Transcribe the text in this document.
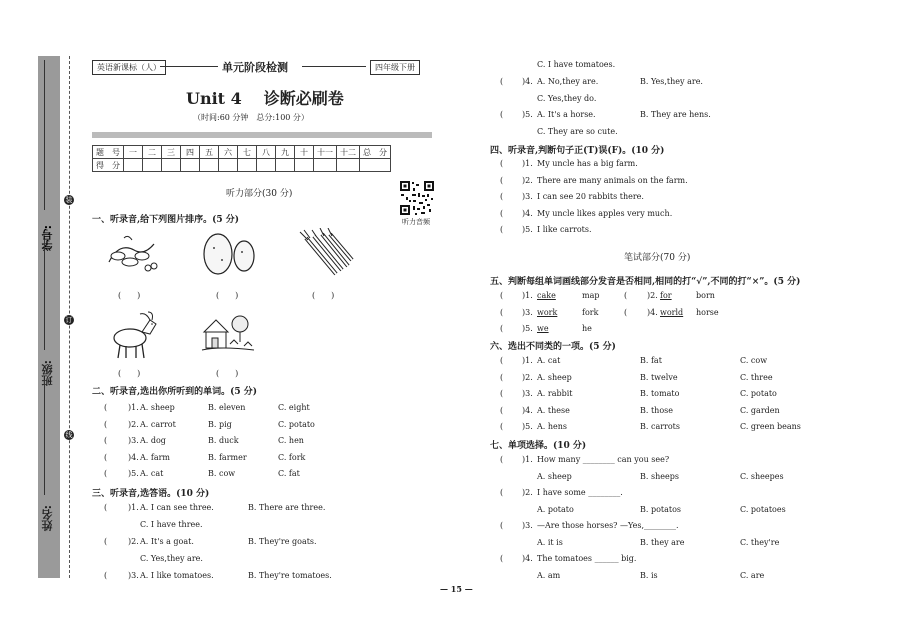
装
订
线
学号:
班级:
姓名:
英语新课标（人）	单元阶段检测	四年级下册
Unit 4 诊断必刷卷
（时间:60 分钟　总分:100 分）
题　号	一	二	三	四	五	六	七	八	九	十	十一	十二	总　分
得　分													
听力音频
听力部分(30 分)
一、听录音,给下列图片排序。(5 分)
(　　)	(　　)	(　　)
(　　)	(　　)
二、听录音,选出你所听到的单词。(5 分)
(	)1. A. sheep	B. eleven	C. eight
(	)2. A. carrot	B. pig	C. potato
(	)3. A. dog	B. duck	C. hen
(	)4. A. farm	B. farmer	C. fork
(	)5. A. cat	B. cow	C. fat
三、听录音,选答语。(10 分)
(	)1. A. I can see three.	B. There are three.
C. I have three.
(	)2. A. It's a goat.	B. They're goats.
C. Yes,they are.
(	)3. A. I like tomatoes.	B. They're tomatoes.
C. I have tomatoes.
( )4. A. No,they are.	B. Yes,they are.
C. Yes,they do.
( )5. A. It's a horse.	B. They are hens.
C. They are so cute.
四、听录音,判断句子正(T)误(F)。(10 分)
( )1. My uncle has a big farm.
( )2. There are many animals on the farm.
( )3. I can see 20 rabbits there.
( )4. My uncle likes apples very much.
( )5. I like carrots.
笔试部分(70 分)
五、判断每组单词画线部分发音是否相同,相同的打“√”,不同的打“×”。(5 分)
( )1. cake	map	( )2. for	born
( )3. work	fork	( )4. world horse
( )5. we	he
六、选出不同类的一项。(5 分)
( )1. A. cat	B. fat	C. cow
( )2. A. sheep	B. twelve	C. three
( )3. A. rabbit	B. tomato	C. potato
( )4. A. these	B. those	C. garden
( )5. A. hens	B. carrots	C. green beans
七、单项选择。(10 分)
( )1. How many ________ can you see?
A. sheep	B. sheeps	C. sheepes
( )2. I have some ________.
A. potato	B. potatos	C. potatoes
( )3. —Are those horses? —Yes,________.
A. it is	B. they are	C. they're
( )4. The tomatoes ______ big.
A. am	B. is	C. are
— 15 —
